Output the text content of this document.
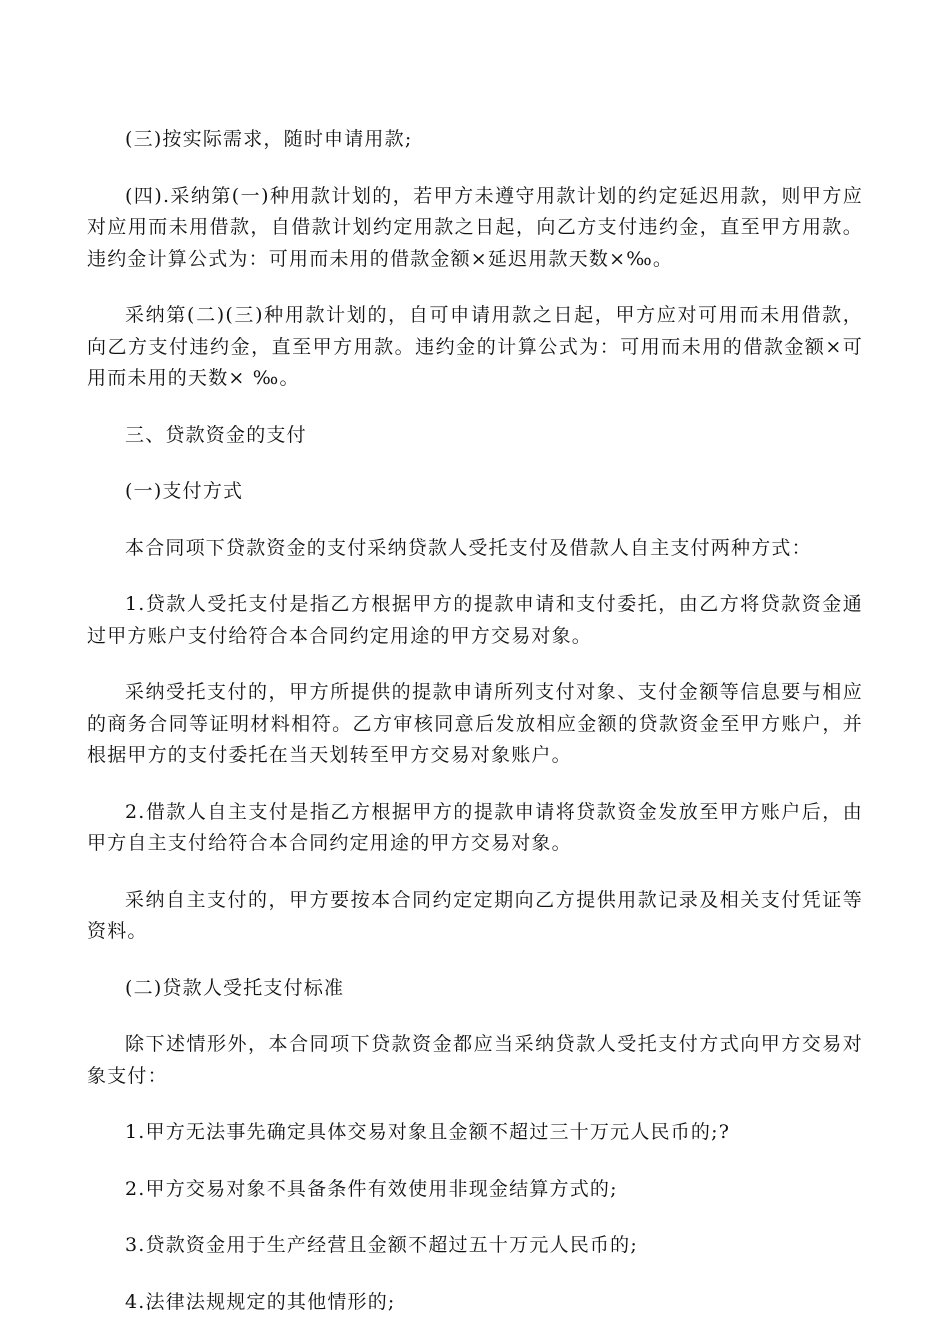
(三)按实际需求，随时申请用款;

(四).采纳第(一)种用款计划的，若甲方未遵守用款计划的约定延迟用款，则甲方应对应用而未用借款，自借款计划约定用款之日起，向乙方支付违约金，直至甲方用款。违约金计算公式为：可用而未用的借款金额×延迟用款天数×‰。

采纳第(二)(三)种用款计划的，自可申请用款之日起，甲方应对可用而未用借款，向乙方支付违约金，直至甲方用款。违约金的计算公式为：可用而未用的借款金额×可用而未用的天数× ‰。

三、贷款资金的支付

(一)支付方式

本合同项下贷款资金的支付采纳贷款人受托支付及借款人自主支付两种方式：

1.贷款人受托支付是指乙方根据甲方的提款申请和支付委托，由乙方将贷款资金通过甲方账户支付给符合本合同约定用途的甲方交易对象。

采纳受托支付的，甲方所提供的提款申请所列支付对象、支付金额等信息要与相应的商务合同等证明材料相符。乙方审核同意后发放相应金额的贷款资金至甲方账户，并根据甲方的支付委托在当天划转至甲方交易对象账户。

2.借款人自主支付是指乙方根据甲方的提款申请将贷款资金发放至甲方账户后，由甲方自主支付给符合本合同约定用途的甲方交易对象。

采纳自主支付的，甲方要按本合同约定定期向乙方提供用款记录及相关支付凭证等资料。

(二)贷款人受托支付标准

除下述情形外，本合同项下贷款资金都应当采纳贷款人受托支付方式向甲方交易对象支付：

1.甲方无法事先确定具体交易对象且金额不超过三十万元人民币的;?

2.甲方交易对象不具备条件有效使用非现金结算方式的;

3.贷款资金用于生产经营且金额不超过五十万元人民币的;

4.法律法规规定的其他情形的;
